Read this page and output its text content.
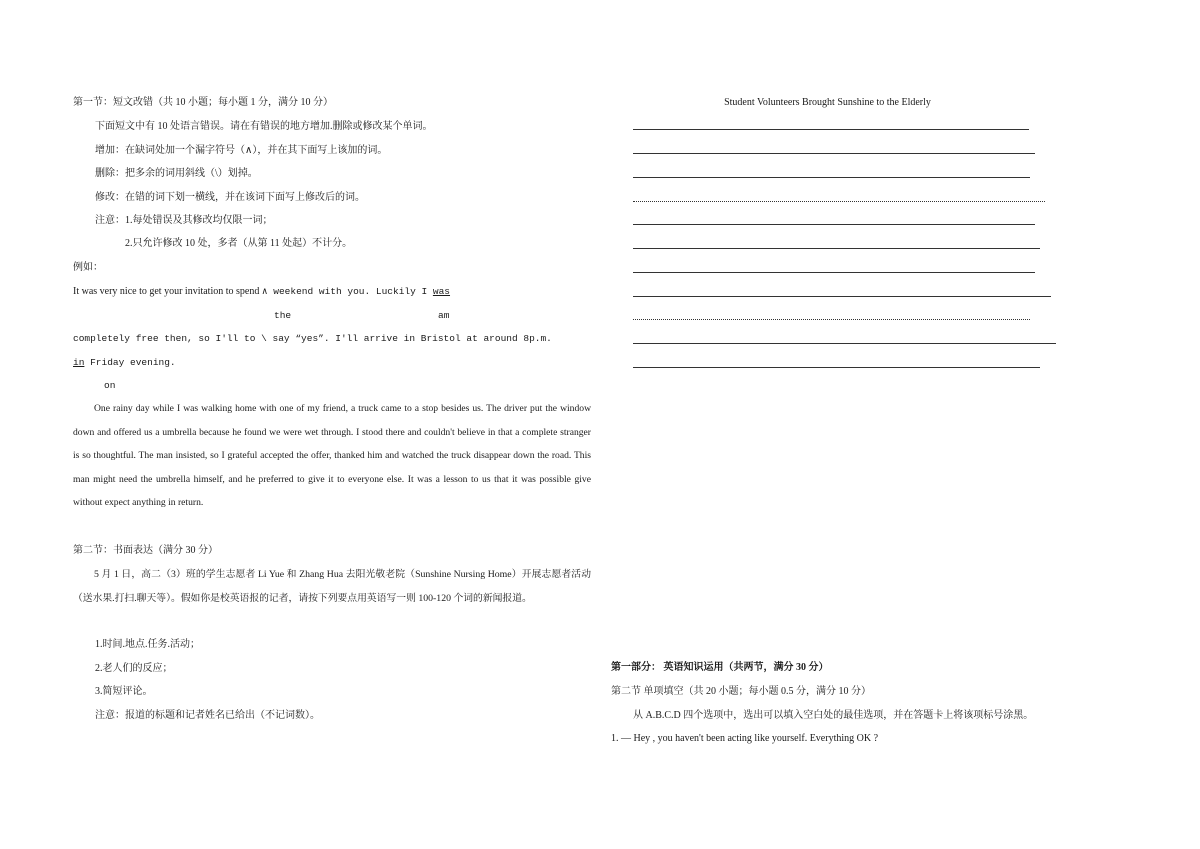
第一节：短文改错（共 10 小题；每小题 1 分，满分 10 分）
下面短文中有 10 处语言错误。请在有错误的地方增加.删除或修改某个单词。
增加：在缺词处加一个漏字符号（∧），并在其下面写上该加的词。
删除：把多余的词用斜线（\）划掉。
修改：在错的词下划一横线，并在该词下面写上修改后的词。
注意：1.每处错误及其修改均仅限一词；
2.只允许修改 10 处，多者（从第 11 处起）不计分。
例如：
It was very nice to get your invitation to spend ∧ weekend with you. Luckily I was
the	am
completely free then, so I'll to \ say “yes”. I'll arrive in Bristol at around 8p.m.
in Friday evening.
on
One rainy day while I was walking home with one of my friend, a truck came to a stop besides us. The driver put the window down and offered us a umbrella because he found we were wet through. I stood there and couldn't believe in that a complete stranger is so thoughtful. The man insisted, so I grateful accepted the offer, thanked him and watched the truck disappear down the road. This man might need the umbrella himself, and he preferred to give it to everyone else. It was a lesson to us that it was possible give without expect anything in return.
第二节：书面表达（满分 30 分）
5 月 1 日，高二（3）班的学生志愿者 Li Yue 和 Zhang Hua 去阳光敬老院（Sunshine Nursing Home）开展志愿者活动（送水果.打扫.聊天等）。假如你是校英语报的记者，请按下列要点用英语写一则 100-120 个词的新闻报道。
1.时间.地点.任务.活动；
2.老人们的反应；
3.简短评论。
注意：报道的标题和记者姓名已给出（不记词数）。
Student Volunteers Brought Sunshine to the Elderly
第一部分： 英语知识运用（共两节，满分 30 分）
第二节 单项填空（共 20 小题；每小题 0.5 分，满分 10 分）
从 A.B.C.D 四个选项中，选出可以填入空白处的最佳选项，并在答题卡上将该项标号涂黑。
1. — Hey , you haven't been acting like yourself. Everything OK ?
